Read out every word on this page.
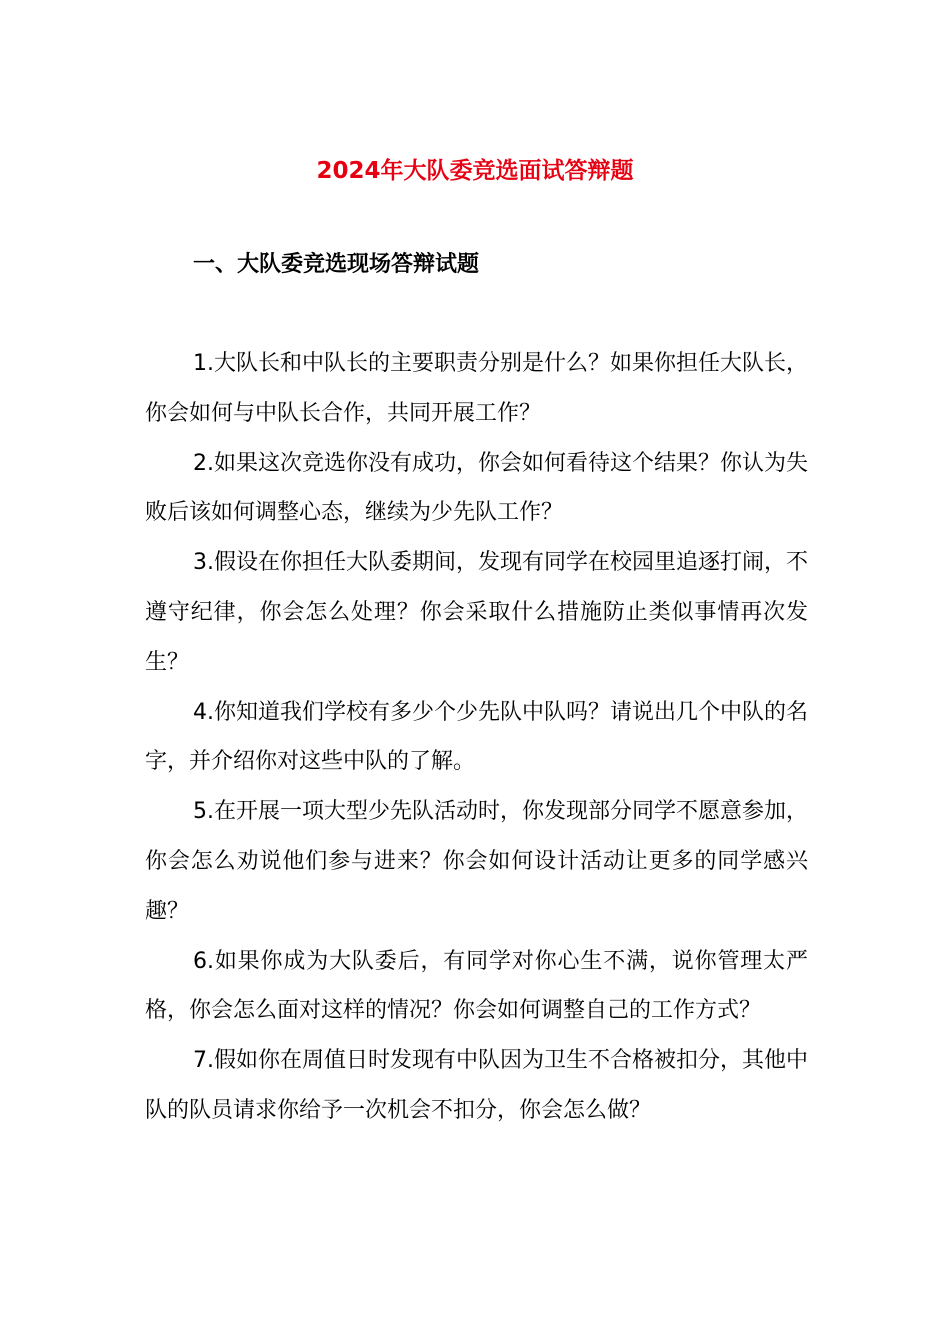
2024年大队委竞选面试答辩题
一、大队委竞选现场答辩试题
1.大队长和中队长的主要职责分别是什么？如果你担任大队长，你会如何与中队长合作，共同开展工作？
2.如果这次竞选你没有成功，你会如何看待这个结果？你认为失败后该如何调整心态，继续为少先队工作？
3.假设在你担任大队委期间，发现有同学在校园里追逐打闹，不遵守纪律，你会怎么处理？你会采取什么措施防止类似事情再次发生？
4.你知道我们学校有多少个少先队中队吗？请说出几个中队的名字，并介绍你对这些中队的了解。
5.在开展一项大型少先队活动时，你发现部分同学不愿意参加，你会怎么劝说他们参与进来？你会如何设计活动让更多的同学感兴趣？
6.如果你成为大队委后，有同学对你心生不满，说你管理太严格，你会怎么面对这样的情况？你会如何调整自己的工作方式？
7.假如你在周值日时发现有中队因为卫生不合格被扣分，其他中队的队员请求你给予一次机会不扣分，你会怎么做？
